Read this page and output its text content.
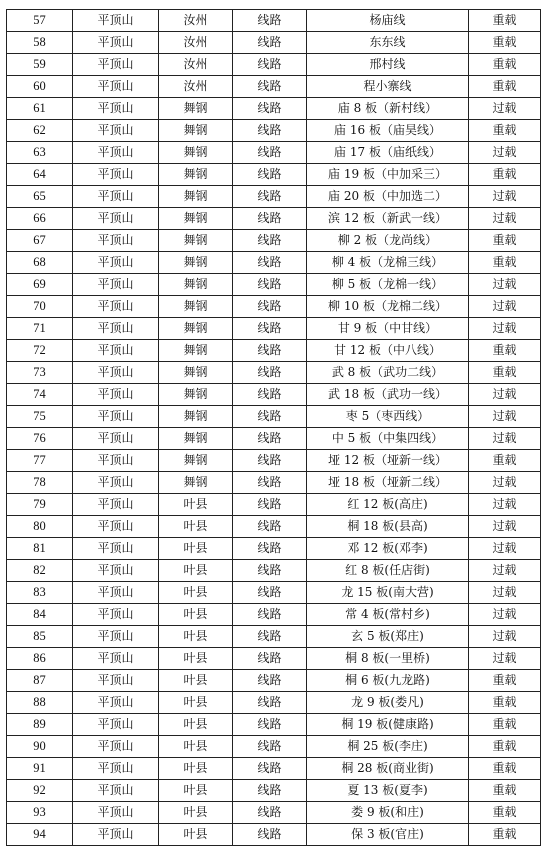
57	平顶山	汝州	线路	杨庙线	重载
58	平顶山	汝州	线路	东东线	重载
59	平顶山	汝州	线路	邢村线	重载
60	平顶山	汝州	线路	程小寨线	重载
61	平顶山	舞钢	线路	庙 8 板（新村线）	过载
62	平顶山	舞钢	线路	庙 16 板（庙昊线）	重载
63	平顶山	舞钢	线路	庙 17 板（庙纸线）	过载
64	平顶山	舞钢	线路	庙 19 板（中加采三）	重载
65	平顶山	舞钢	线路	庙 20 板（中加选二）	过载
66	平顶山	舞钢	线路	滨 12 板（新武一线）	过载
67	平顶山	舞钢	线路	柳 2 板（龙尚线）	重载
68	平顶山	舞钢	线路	柳 4 板（龙棉三线）	重载
69	平顶山	舞钢	线路	柳 5 板（龙棉一线）	过载
70	平顶山	舞钢	线路	柳 10 板（龙棉二线）	过载
71	平顶山	舞钢	线路	甘 9 板（中甘线）	过载
72	平顶山	舞钢	线路	甘 12 板（中八线）	重载
73	平顶山	舞钢	线路	武 8 板（武功二线）	重载
74	平顶山	舞钢	线路	武 18 板（武功一线）	过载
75	平顶山	舞钢	线路	枣 5（枣西线）	过载
76	平顶山	舞钢	线路	中 5 板（中集四线）	过载
77	平顶山	舞钢	线路	垭 12 板（垭新一线）	重载
78	平顶山	舞钢	线路	垭 18 板（垭新二线）	过载
79	平顶山	叶县	线路	红 12 板(高庄)	过载
80	平顶山	叶县	线路	桐 18 板(县高)	过载
81	平顶山	叶县	线路	邓 12 板(邓李)	过载
82	平顶山	叶县	线路	红 8 板(任店街)	过载
83	平顶山	叶县	线路	龙 15 板(南大营)	过载
84	平顶山	叶县	线路	常 4 板(常村乡)	过载
85	平顶山	叶县	线路	玄 5 板(郑庄)	过载
86	平顶山	叶县	线路	桐 8 板(一里桥)	过载
87	平顶山	叶县	线路	桐 6 板(九龙路)	重载
88	平顶山	叶县	线路	龙 9 板(娄凡)	重载
89	平顶山	叶县	线路	桐 19 板(健康路)	重载
90	平顶山	叶县	线路	桐 25 板(李庄)	重载
91	平顶山	叶县	线路	桐 28 板(商业街)	重载
92	平顶山	叶县	线路	夏 13 板(夏李)	重载
93	平顶山	叶县	线路	娄 9 板(和庄)	重载
94	平顶山	叶县	线路	保 3 板(官庄)	重载
